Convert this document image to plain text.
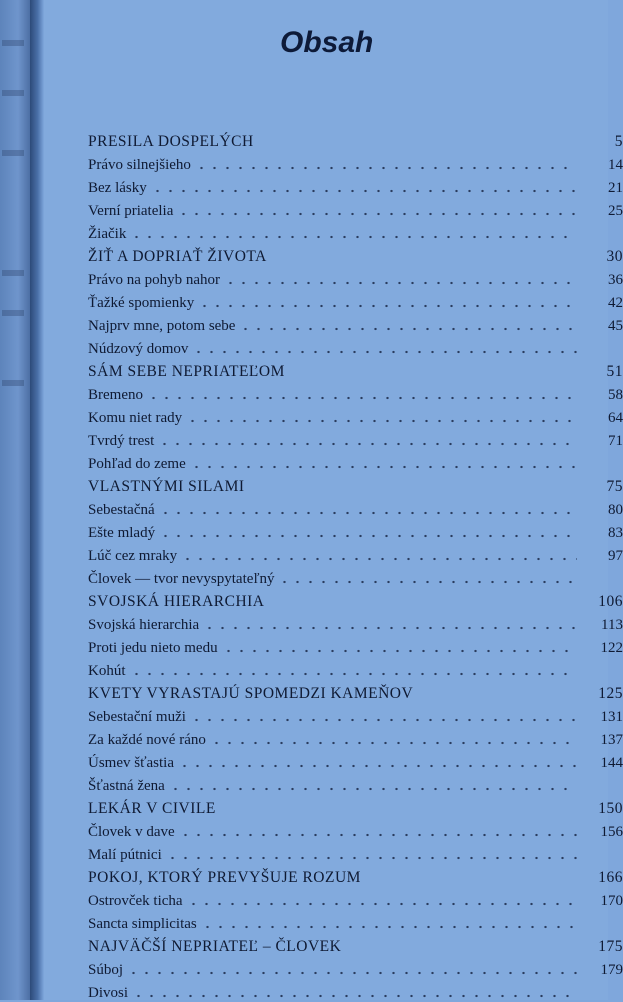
Obsah
PRESILA DOSPELÝCH	5
Právo silnejšieho	14
Bez lásky	21
Verní priatelia	25
Žiačik
ŽIŤ A DOPRIAŤ ŽIVOTA	30
Právo na pohyb nahor	36
Ťažké spomienky	42
Najprv mne, potom sebe	45
Núdzový domov
SÁM SEBE NEPRIATEĽOM	51
Bremeno	58
Komu niet rady	64
Tvrdý trest	71
Pohľad do zeme
VLASTNÝMI SILAMI	75
Sebestačná	80
Ešte mladý	83
Lúč cez mraky	97
Človek — tvor nevyspytateľný
SVOJSKÁ HIERARCHIA	106
Svojská hierarchia	113
Proti jedu nieto medu	122
Kohút
KVETY VYRASTAJÚ SPOMEDZI KAMEŇOV	125
Sebestační muži	131
Za každé nové ráno	137
Úsmev šťastia	144
Šťastná žena
LEKÁR V CIVILE	150
Človek v dave	156
Malí pútnici
POKOJ, KTORÝ PREVYŠUJE ROZUM	166
Ostrovček ticha	170
Sancta simplicitas
NAJVÄČŠÍ NEPRIATEĽ – ČLOVEK	175
Súboj	179
Divosi
